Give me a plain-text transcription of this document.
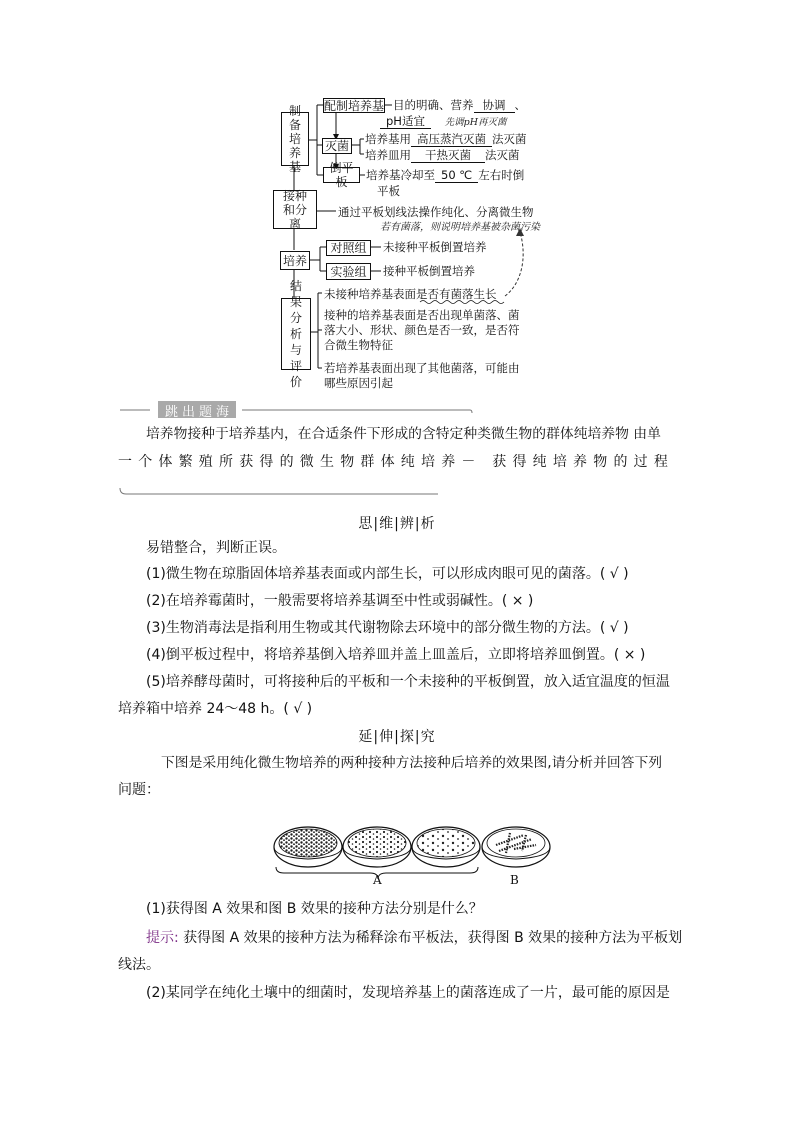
制备培养基
接种和分离
培养
结果分析与评价
配制培养基
灭菌
倒平板
目的明确、营养 协调 、
pH适宜 先调pH再灭菌
培养基用 高压蒸汽灭菌 法灭菌
培养皿用 干热灭菌 法灭菌
培养基冷却至 50 ℃ 左右时倒
平板
通过平板划线法操作纯化、分离微生物
若有菌落，则说明培养基被杂菌污染
对照组
实验组
未接种平板倒置培养
接种平板倒置培养
未接种培养基表面是否有菌落生长
接种的培养基表面是否出现单菌落、菌
落大小、形状、颜色是否一致，是否符
合微生物特征
若培养基表面出现了其他菌落，可能由
哪些原因引起
跳 出 题 海
培养物接种于培养基内，在合适条件下形成的含特定种类微生物的群体纯培养物 由单
一个体繁殖所获得的微生物群体纯培养－ 获得纯培养物的过程
思|维|辨|析
易错整合，判断正误。
(1)微生物在琼脂固体培养基表面或内部生长，可以形成肉眼可见的菌落。( √ )
(2)在培养霉菌时，一般需要将培养基调至中性或弱碱性。( × )
(3)生物消毒法是指利用生物或其代谢物除去环境中的部分微生物的方法。( √ )
(4)倒平板过程中，将培养基倒入培养皿并盖上皿盖后，立即将培养皿倒置。( × )
(5)培养酵母菌时，可将接种后的平板和一个未接种的平板倒置，放入适宜温度的恒温
培养箱中培养 24～48 h。( √ )
延|伸|探|究
下图是采用纯化微生物培养的两种接种方法接种后培养的效果图,请分析并回答下列
问题：
A	B
(1)获得图 A 效果和图 B 效果的接种方法分别是什么？
提示: 获得图 A 效果的接种方法为稀释涂布平板法，获得图 B 效果的接种方法为平板划
线法。
(2)某同学在纯化土壤中的细菌时，发现培养基上的菌落连成了一片，最可能的原因是
